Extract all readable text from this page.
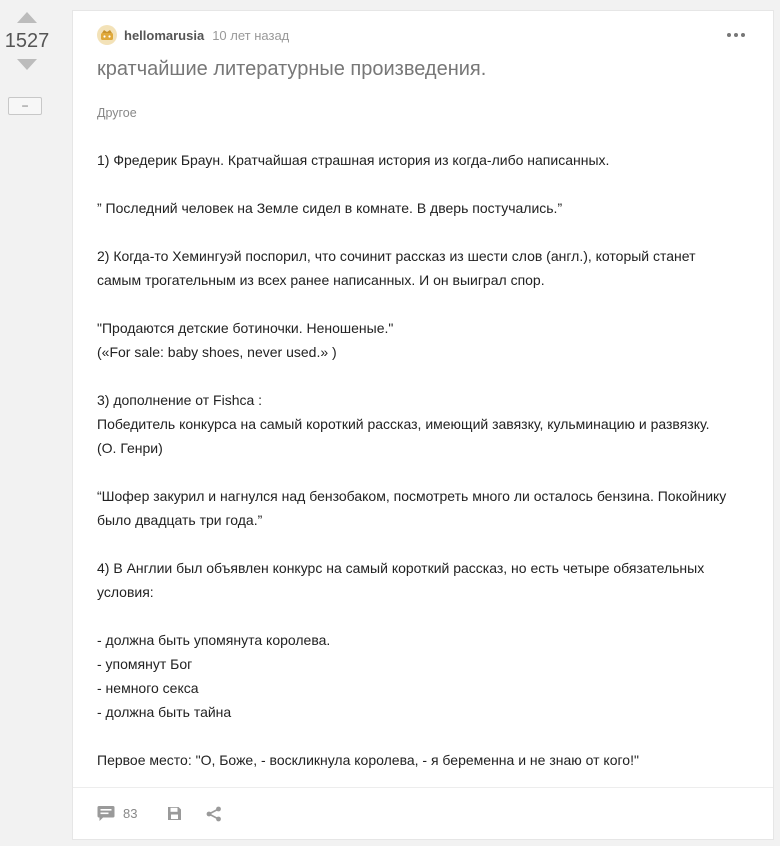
1527
−
hellomarusia 10 лет назад
кратчайшие литературные произведения.
Другое
1) Фредерик Браун. Кратчайшая страшная история из когда-либо написанных.
” Последний человек на Земле сидел в комнате. В дверь постучались.”
2) Когда-то Хемингуэй поспорил, что сочинит рассказ из шести слов (англ.), который станет
самым трогательным из всех ранее написанных. И он выиграл спор.
"Продаются детские ботиночки. Неношеные."
(«For sale: baby shoes, never used.» )
3) дополнение от Fishca :
Победитель конкурса на самый короткий рассказ, имеющий завязку, кульминацию и развязку.
(О. Генри)
“Шофер закурил и нагнулся над бензобаком, посмотреть много ли осталось бензина. Покойнику
было двадцать три года.”
4) В Англии был объявлен конкурс на самый короткий рассказ, но есть четыре обязательных
условия:
- должна быть упомянута королева.
- упомянут Бог
- немного секса
- должна быть тайна
Первое место: "О, Боже, - воскликнула королева, - я беременна и не знаю от кого!"
83
